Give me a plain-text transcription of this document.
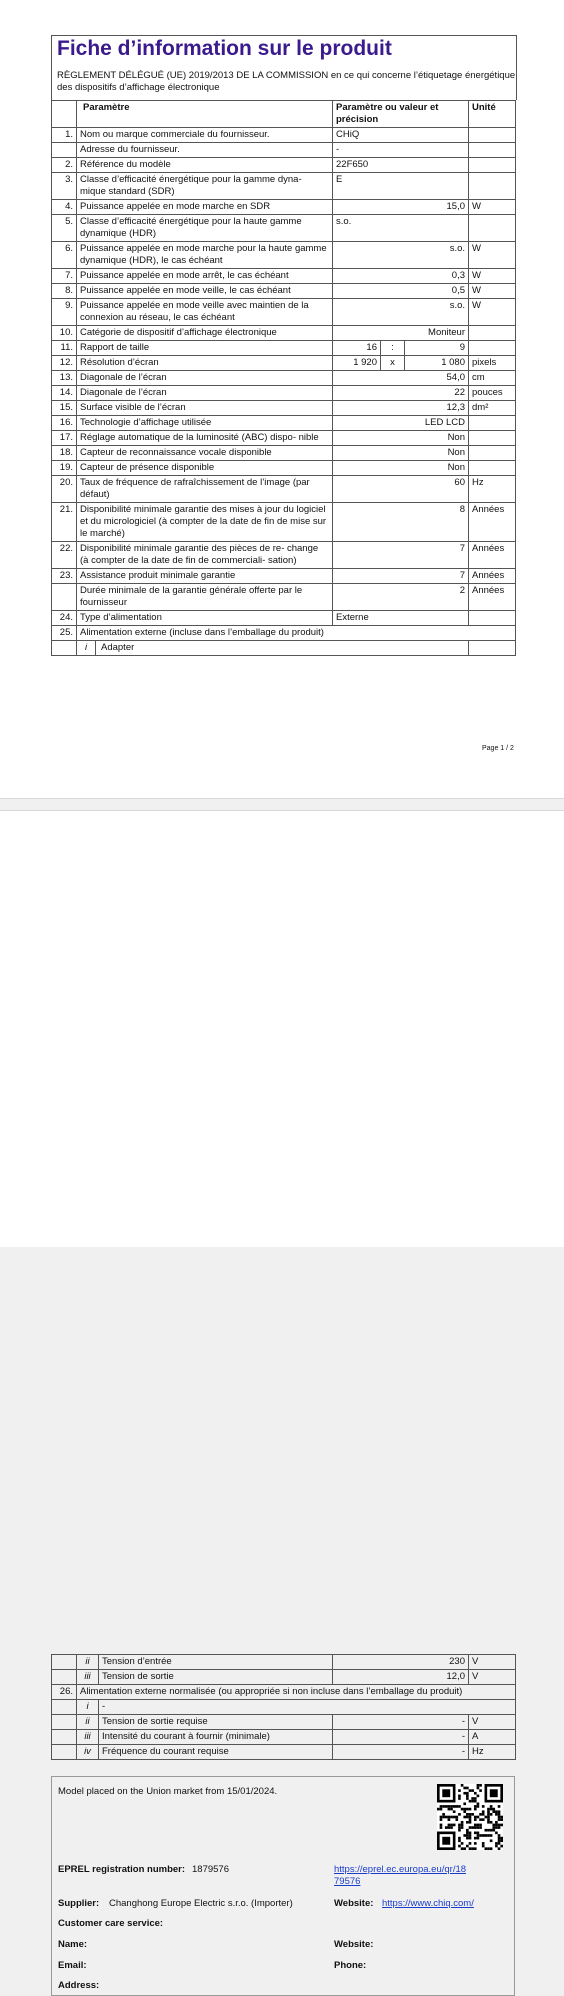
Fiche d’information sur le produit
RÈGLEMENT DÉLÉGUÉ (UE) 2019/2013 DE LA COMMISSION en ce qui concerne l’étiquetage énergétique des dispositifs d’affichage électronique
	Paramètre	Paramètre ou valeur et précision			Unité
1.	Nom ou marque commerciale du fournisseur.	CHiQ			
	Adresse du fournisseur.	-			
2.	Référence du modèle	22F650			
3.	Classe d’efficacité énergétique pour la gamme dyna- mique standard (SDR)	E			
4.	Puissance appelée en mode marche en SDR	15,0			W
5.	Classe d’efficacité énergétique pour la haute gamme dynamique (HDR)	s.o.			
6.	Puissance appelée en mode marche pour la haute gamme dynamique (HDR), le cas échéant	s.o.			W
7.	Puissance appelée en mode arrêt, le cas échéant	0,3			W
8.	Puissance appelée en mode veille, le cas échéant	0,5			W
9.	Puissance appelée en mode veille avec maintien de la connexion au réseau, le cas échéant	s.o.			W
10.	Catégorie de dispositif d’affichage électronique	Moniteur			
11.	Rapport de taille	16	:	9	
12.	Résolution d’écran	1 920	x	1 080	pixels
13.	Diagonale de l’écran	54,0			cm
14.	Diagonale de l’écran	22			pouces
15.	Surface visible de l’écran	12,3			dm²
16.	Technologie d’affichage utilisée	LED LCD			
17.	Réglage automatique de la luminosité (ABC) dispo- nible	Non			
18.	Capteur de reconnaissance vocale disponible	Non			
19.	Capteur de présence disponible	Non			
20.	Taux de fréquence de rafraîchissement de l’image (par défaut)	60			Hz
21.	Disponibilité minimale garantie des mises à jour du logiciel et du micrologiciel (à compter de la date de fin de mise sur le marché)	8			Années
22.	Disponibilité minimale garantie des pièces de re- change (à compter de la date de fin de commerciali- sation)	7			Années
23.	Assistance produit minimale garantie	7			Années
	Durée minimale de la garantie générale offerte par le fournisseur	2			Années
24.	Type d’alimentation	Externe			
25.	Alimentation externe (incluse dans l’emballage du produit)				
	i Adapter				
Page 1 / 2
	ii	Tension d’entrée	230	V
	iii	Tension de sortie	12,0	V
26.	Alimentation externe normalisée (ou appropriée si non incluse dans l’emballage du produit)			
	i	-		
	ii	Tension de sortie requise	-	V
	iii	Intensité du courant à fournir (minimale)	-	A
	iv	Fréquence du courant requise	-	Hz
Model placed on the Union market from 15/01/2024.
EPREL registration number: 1879576	https://eprel.ec.europa.eu/qr/18
79576
Supplier: Changhong Europe Electric s.r.o. (Importer)	Website: https://www.chiq.com/
Customer care service:
Name:	Website:
Email:	Phone:
Address:
